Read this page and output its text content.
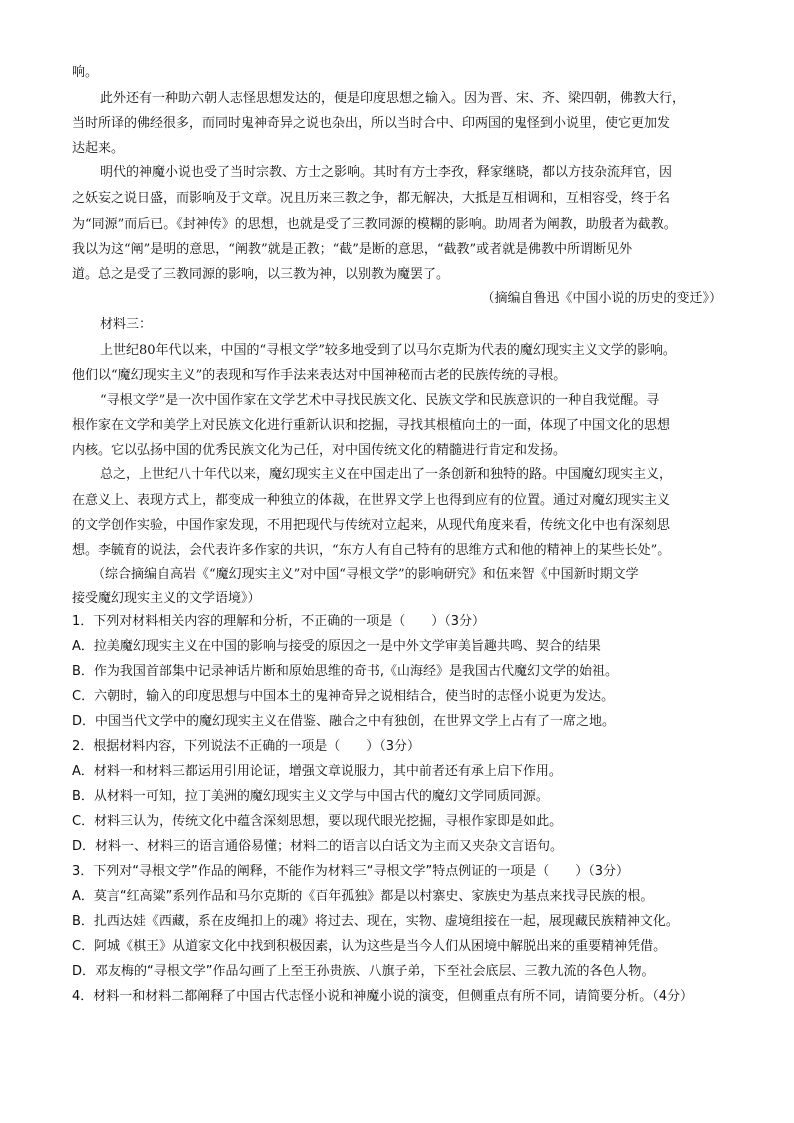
响。
此外还有一种助六朝人志怪思想发达的，便是印度思想之输入。因为晋、宋、齐、梁四朝，佛教大行，
当时所译的佛经很多，而同时鬼神奇异之说也杂出，所以当时合中、印两国的鬼怪到小说里，使它更加发
达起来。
明代的神魔小说也受了当时宗教、方士之影响。其时有方士李孜，释家继晓，都以方技杂流拜官，因
之妖妄之说日盛，而影响及于文章。况且历来三教之争，都无解决，大抵是互相调和，互相容受，终于名
为“同源”而后已。《封神传》的思想，也就是受了三教同源的模糊的影响。助周者为阐教，助殷者为截教。
我以为这“阐”是明的意思，“阐教”就是正教；“截”是断的意思，“截教”或者就是佛教中所谓断见外
道。总之是受了三教同源的影响，以三教为神，以别教为魔罢了。
（摘编自鲁迅《中国小说的历史的变迁》）
材料三：
上世纪80年代以来，中国的“寻根文学”较多地受到了以马尔克斯为代表的魔幻现实主义文学的影响。
他们以“魔幻现实主义”的表现和写作手法来表达对中国神秘而古老的民族传统的寻根。
“寻根文学”是一次中国作家在文学艺术中寻找民族文化、民族文学和民族意识的一种自我觉醒。寻
根作家在文学和美学上对民族文化进行重新认识和挖掘，寻找其根植向土的一面，体现了中国文化的思想
内核。它以弘扬中国的优秀民族文化为己任，对中国传统文化的精髓进行肯定和发扬。
总之，上世纪八十年代以来，魔幻现实主义在中国走出了一条创新和独特的路。中国魔幻现实主义，
在意义上、表现方式上，都变成一种独立的体裁，在世界文学上也得到应有的位置。通过对魔幻现实主义
的文学创作实验，中国作家发现，不用把现代与传统对立起来，从现代角度来看，传统文化中也有深刻思
想。李毓育的说法，会代表许多作家的共识，“东方人有自己特有的思维方式和他的精神上的某些长处”。
（综合摘编自高岩《“魔幻现实主义”对中国“寻根文学”的影响研究》和伍来智《中国新时期文学
接受魔幻现实主义的文学语境》）
1．下列对材料相关内容的理解和分析，不正确的一项是（　　）（3分）
A．拉美魔幻现实主义在中国的影响与接受的原因之一是中外文学审美旨趣共鸣、契合的结果
B．作为我国首部集中记录神话片断和原始思维的奇书,《山海经》是我国古代魔幻文学的始祖。
C．六朝时，输入的印度思想与中国本土的鬼神奇异之说相结合，使当时的志怪小说更为发达。
D．中国当代文学中的魔幻现实主义在借鉴、融合之中有独创，在世界文学上占有了一席之地。
2．根据材料内容，下列说法不正确的一项是（　　）（3分）
A．材料一和材料三都运用引用论证，增强文章说服力，其中前者还有承上启下作用。
B．从材料一可知，拉丁美洲的魔幻现实主义文学与中国古代的魔幻文学同质同源。
C．材料三认为，传统文化中蕴含深刻思想，要以现代眼光挖掘，寻根作家即是如此。
D．材料一、材料三的语言通俗易懂；材料二的语言以白话文为主而又夹杂文言语句。
3．下列对“寻根文学”作品的阐释，不能作为材料三“寻根文学”特点例证的一项是（　　）（3分）
A．莫言“红高粱”系列作品和马尔克斯的《百年孤独》都是以村寨史、家族史为基点来找寻民族的根。
B．扎西达娃《西藏，系在皮绳扣上的魂》将过去、现在，实物、虚境组接在一起，展现藏民族精神文化。
C．阿城《棋王》从道家文化中找到积极因素，认为这些是当今人们从困境中解脱出来的重要精神凭借。
D．邓友梅的“寻根文学”作品勾画了上至王孙贵族、八旗子弟，下至社会底层、三教九流的各色人物。
4．材料一和材料二都阐释了中国古代志怪小说和神魔小说的演变，但侧重点有所不同，请简要分析。（4分）
